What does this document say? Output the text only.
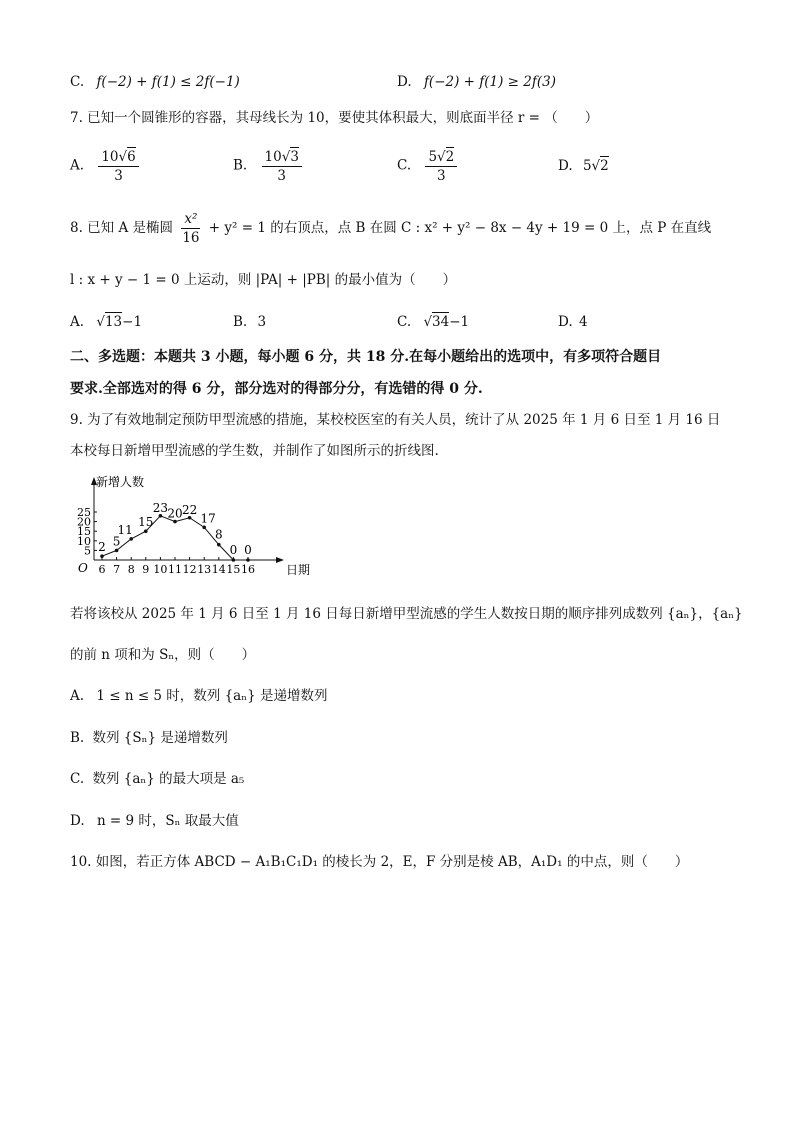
C. f(−2) + f(1) ≤ 2f(−1)	D. f(−2) + f(1) ≥ 2f(3)
7. 已知一个圆锥形的容器，其母线长为 10，要使其体积最大，则底面半径 r = （　　）
A. $\frac{10√6}{3}$	B. $\frac{10√3}{3}$	C. $\frac{5√2}{3}$	D. 5√2
8. 已知 A 是椭圆 $\frac{\text{x²}}{16} + y^2 = 1$ 的右顶点，点 B 在圆 C : x² + y² − 8x − 4y + 19 = 0 上，点 P 在直线
l : x + y − 1 = 0 上运动，则 |PA| + |PB| 的最小值为（　　）
A. √13−1	B. 3	C. √34−1	D. 4
二、多选题：本题共 3 小题，每小题 6 分，共 18 分.在每小题给出的选项中，有多项符合题目
要求.全部选对的得 6 分，部分选对的得部分分，有选错的得 0 分.
9. 为了有效地制定预防甲型流感的措施，某校校医室的有关人员，统计了从 2025 年 1 月 6 日至 1 月 16 日
本校每日新增甲型流感的学生数，并制作了如图所示的折线图.
新增人数
日期
O
5
10
15
20
25
6 7 8 9 10 11 12 13 14 15 16
2 5
11
15
23 20 22
17
8
0 0
若将该校从 2025 年 1 月 6 日至 1 月 16 日每日新增甲型流感的学生人数按日期的顺序排列成数列 {aₙ}，{aₙ}
的前 n 项和为 Sₙ，则（　　）
A. 1 ≤ n ≤ 5 时，数列 {aₙ} 是递增数列
B. 数列 {Sₙ} 是递增数列
C. 数列 {aₙ} 的最大项是 a₅
D. n = 9 时，Sₙ 取最大值
10. 如图，若正方体 ABCD − A₁B₁C₁D₁ 的棱长为 2，E，F 分别是棱 AB，A₁D₁ 的中点，则（　　）
